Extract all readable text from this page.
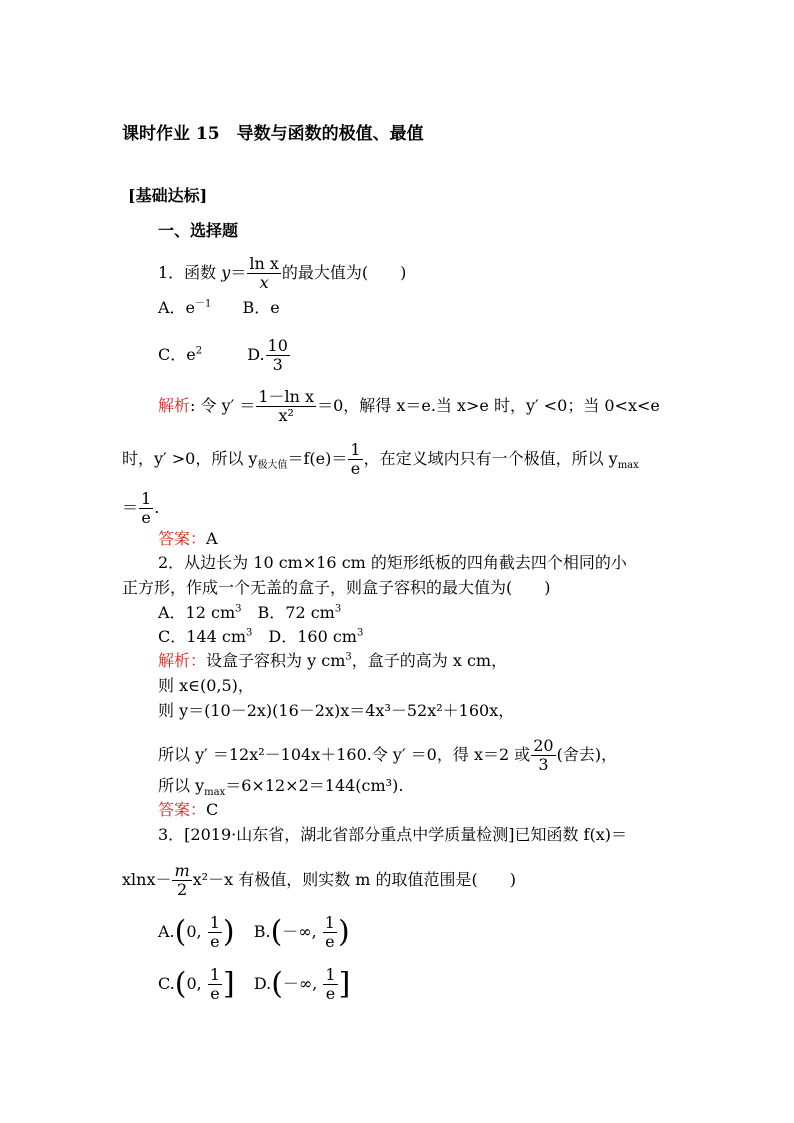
课时作业 15　导数与函数的极值、最值
[基础达标]
一、选择题
1．函数 $y= \frac{\text{ln x}}{x}$ 的最大值为(　　)
A．$e^{-1}$ B．e
C．$e^2$	D. $\frac{10}{3}$
解析: 令 $y' = \frac{\text{1－ln x}}{\text{x²}} =0$，解得 x＝e.当 x>e 时，y′ <0；当 0<x<e
时，y′ >0，所以 $y_{极大值}=f(e)= \frac{1}{e}$ ，在定义域内只有一个极值，所以 $y_{max}$
＝ $\frac{1}{e}$ .
答案：A
2．从边长为 10 cm×16 cm 的矩形纸板的四角截去四个相同的小
正方形，作成一个无盖的盒子，则盒子容积的最大值为(　　)
A．12 $cm^3$　B．72 $cm^3$
C．144 $cm^3$　D．160 $cm^3$
解析：设盒子容积为 y $cm^3$，盒子的高为 x cm，
则 x∈(0,5)，
则 y＝(10－2x)(16－2x)x＝4x³－52x²＋160x，
所以 y′ ＝12x²－104x＋160.令 y′ ＝0，得 x＝2 或 $\frac{20}{3}$ (舍去)，
所以 $y_{max}=6\times 12\times 2=144(cm^3)$.
答案：C
3．[2019·山东省，湖北省部分重点中学质量检测]已知函数 f(x)＝
$xlnx- \frac{m}{2} x^2-x$ 有极值，则实数 m 的取值范围是(　　)
A.(0, $\frac{1}{e}$ ) B.(－∞, $\frac{1}{e}$ )
C.(0, $\frac{1}{e}$ ] D.(－∞, $\frac{1}{e}$ ]
